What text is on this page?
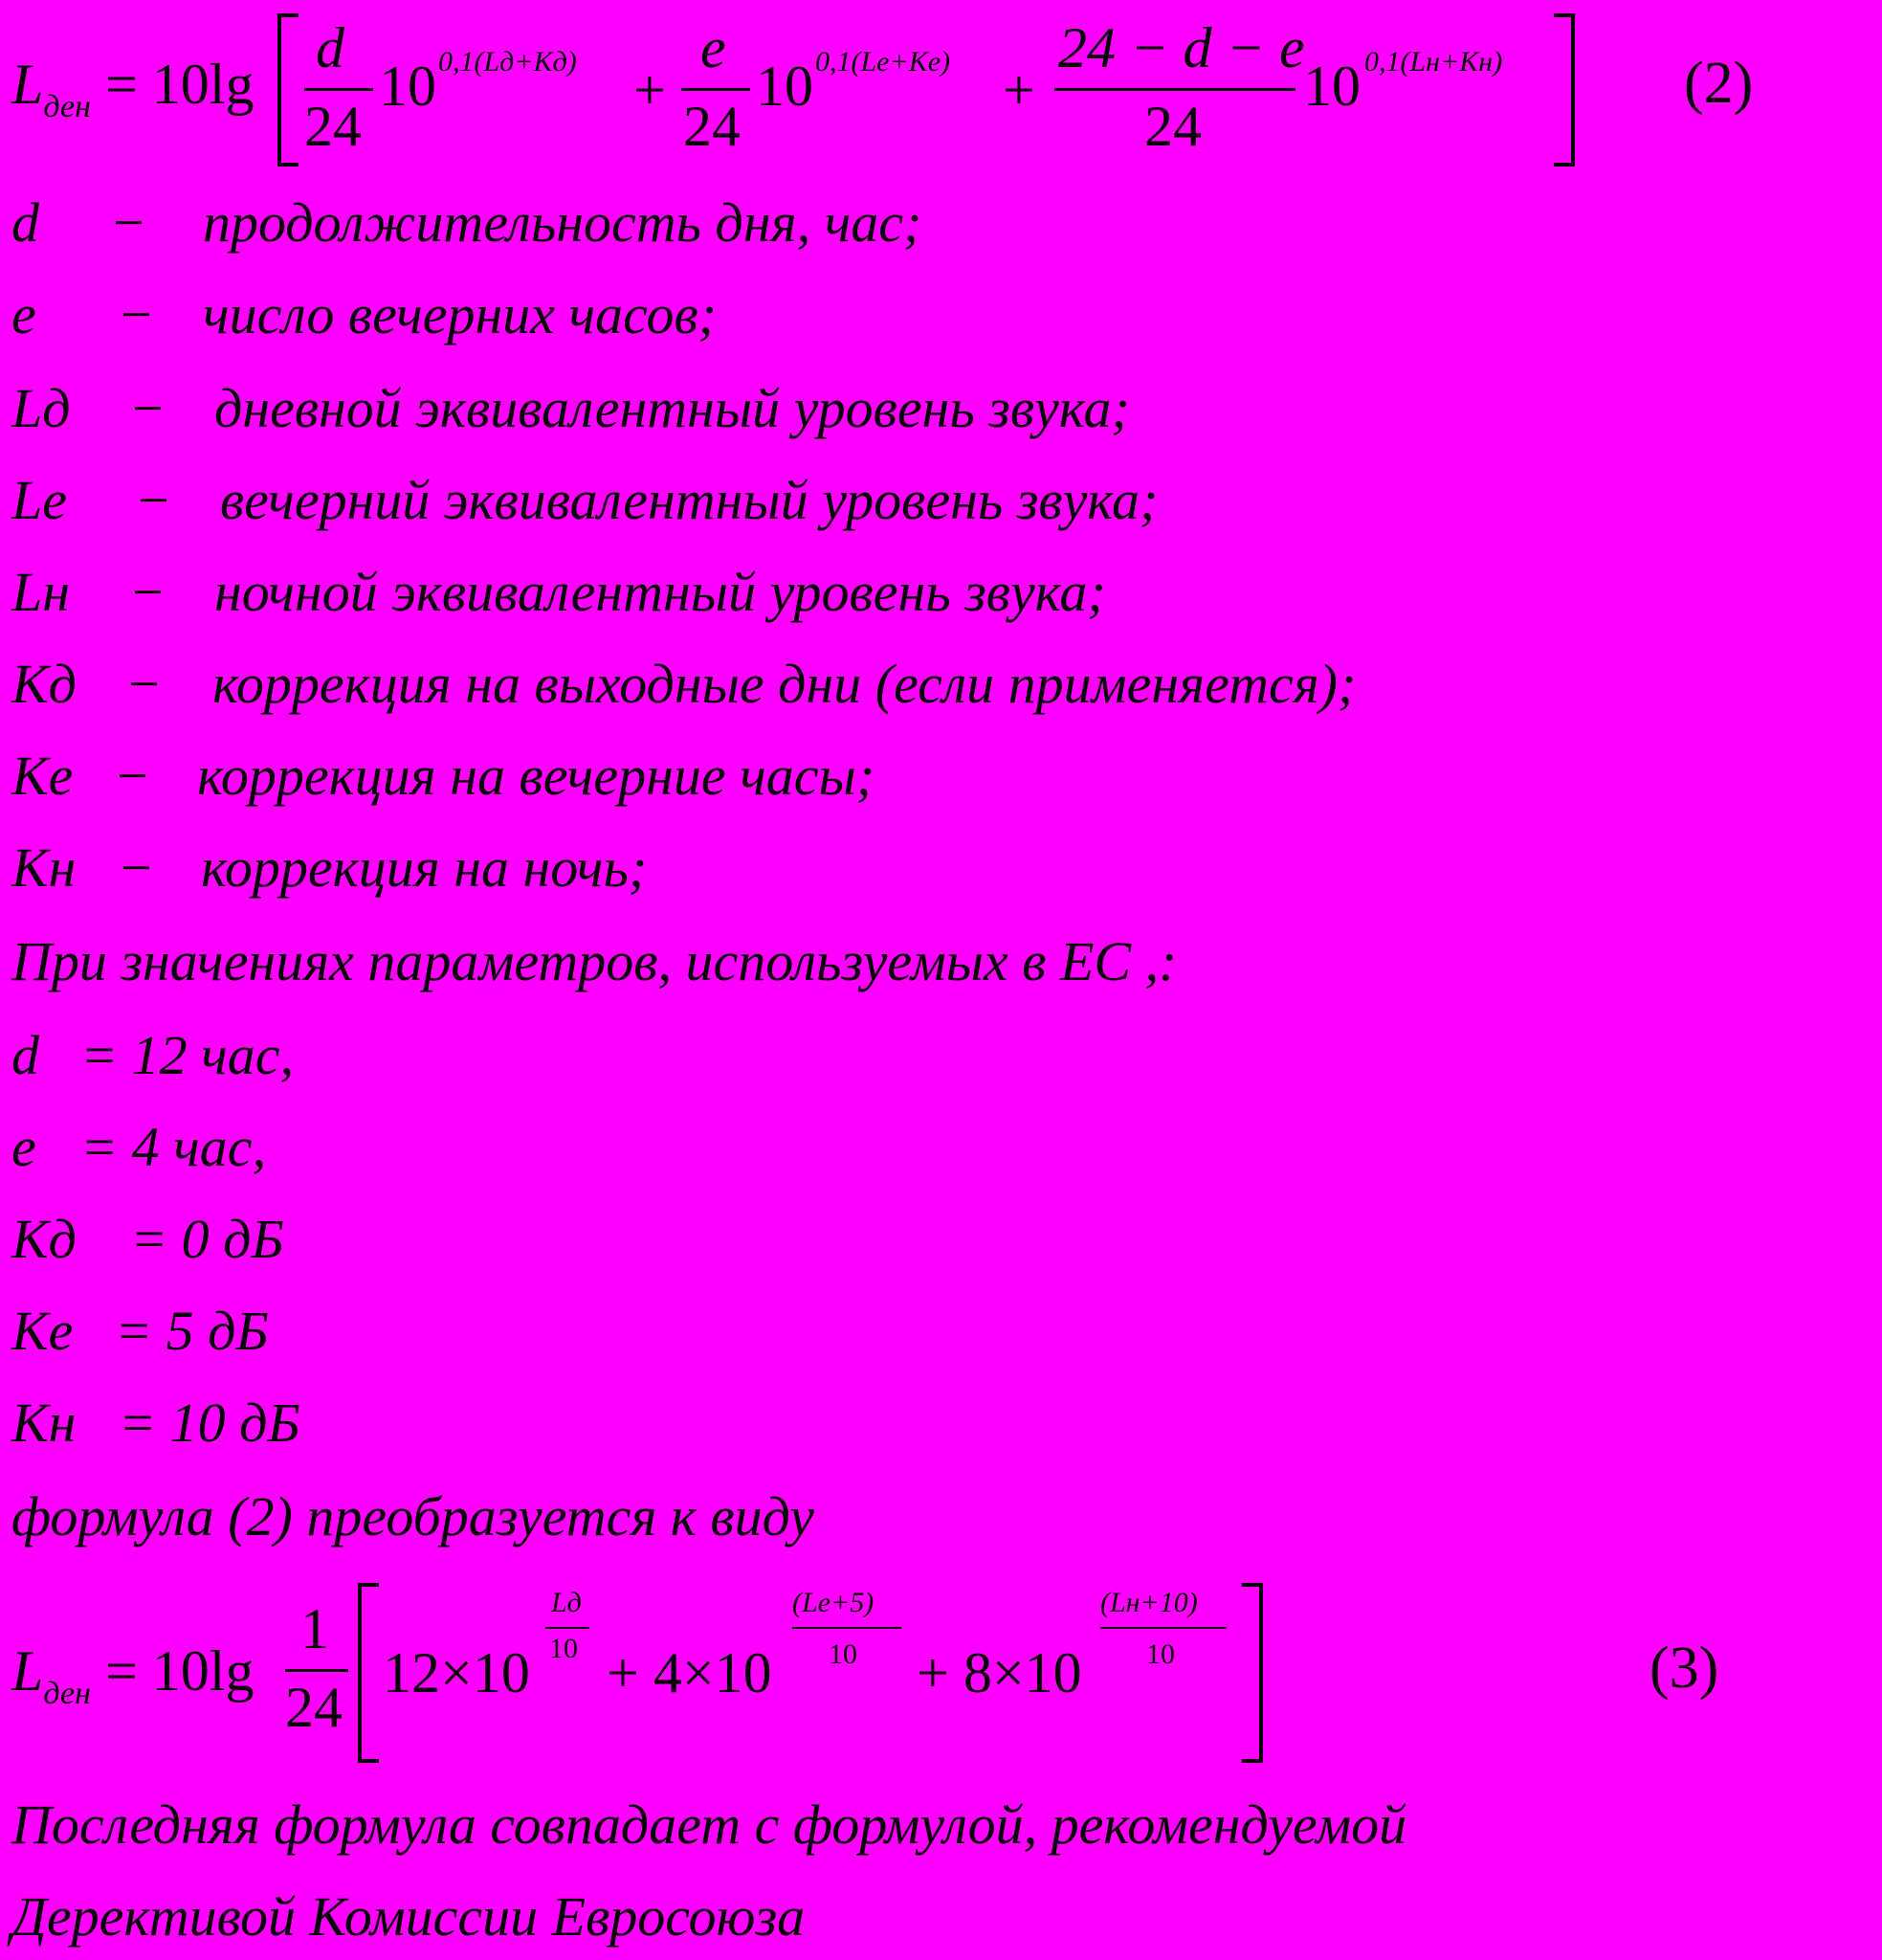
$L_{ден} = 10\lg$
d
24
10 0,1(Lд+Kд) +
e
24
10 0,1(Le+Ke) +
24 − d − e
24
10 0,1(Lн+Kн)	(2)
d − продолжительность дня, час;
e − число вечерних часов;
Lд − дневной эквивалентный уровень звука;
Le − вечерний эквивалентный уровень звука;
Lн − ночной эквивалентный уровень звука;
Kд − коррекция на выходные дни (если применяется);
Ke − коррекция на вечерние часы;
Kн − коррекция на ночь;
При значениях параметров, используемых в ЕС ,:
d = 12 час,
e = 4 час,
Kд = 0 дБ
Ke = 5 дБ
Kн = 10 дБ
формула (2) преобразуется к виду
$L_{ден} = 10\lg$
1
24
12×10
Lд
10 + 4×10
(Le+5)
10 + 8×10
(Lн+10)
10	(3)
Последняя формула совпадает с формулой, рекомендуемой
Дерективой Комиссии Евросоюза
